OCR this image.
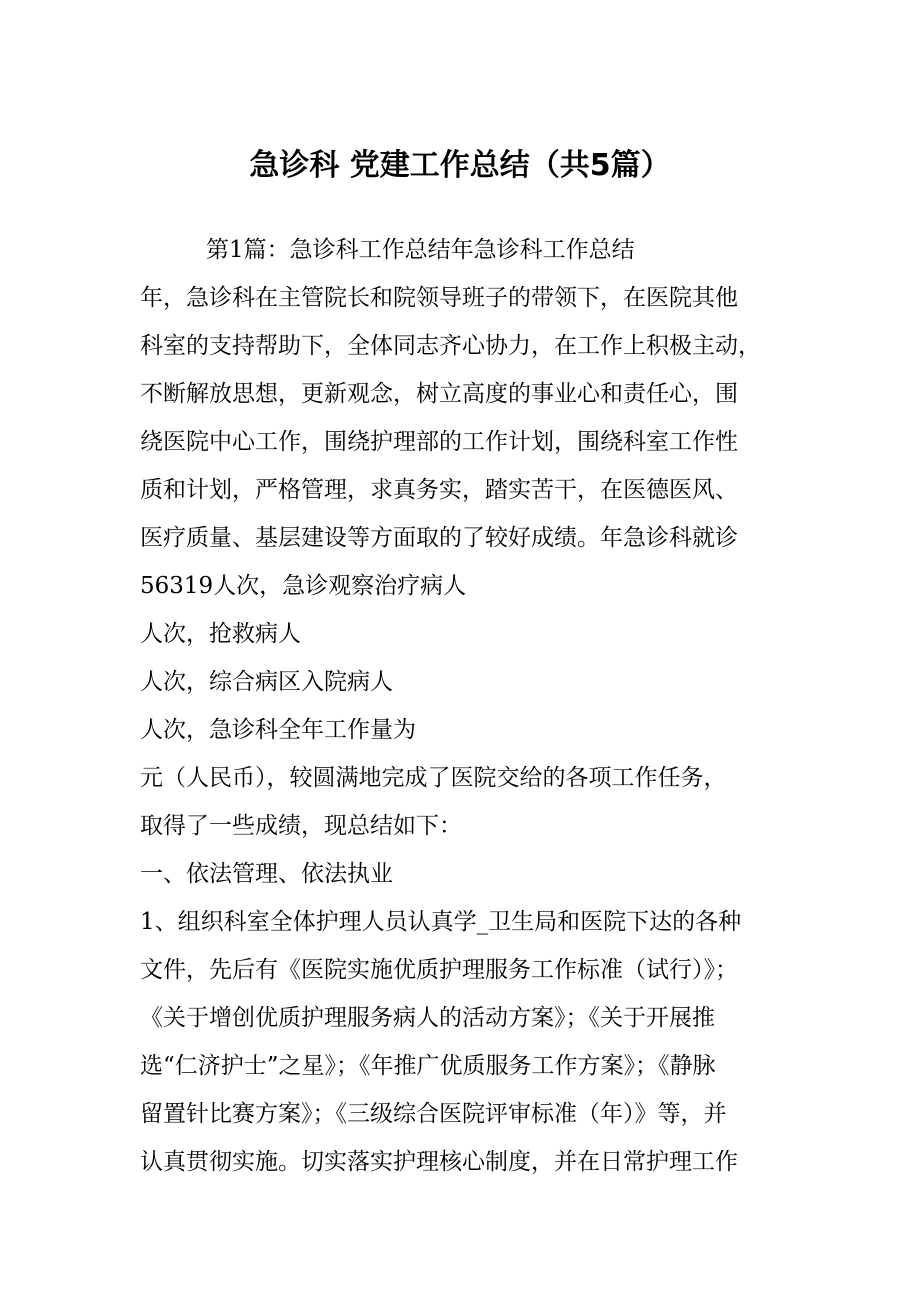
急诊科 党建工作总结（共5篇）
第1篇：急诊科工作总结年急诊科工作总结
年，急诊科在主管院长和院领导班子的带领下，在医院其他
科室的支持帮助下，全体同志齐心协力，在工作上积极主动，
不断解放思想，更新观念，树立高度的事业心和责任心，围
绕医院中心工作，围绕护理部的工作计划，围绕科室工作性
质和计划，严格管理，求真务实，踏实苦干，在医德医风、
医疗质量、基层建设等方面取的了较好成绩。年急诊科就诊
56319人次，急诊观察治疗病人
人次，抢救病人
人次，综合病区入院病人
人次，急诊科全年工作量为
元（人民币），较圆满地完成了医院交给的各项工作任务，
取得了一些成绩，现总结如下：
一、依法管理、依法执业
1、组织科室全体护理人员认真学_卫生局和医院下达的各种
文件，先后有《医院实施优质护理服务工作标准（试行）》；
《关于增创优质护理服务病人的活动方案》；《关于开展推
选“仁济护士”之星》；《年推广优质服务工作方案》；《静脉
留置针比赛方案》；《三级综合医院评审标准（年）》等，并
认真贯彻实施。切实落实护理核心制度，并在日常护理工作
